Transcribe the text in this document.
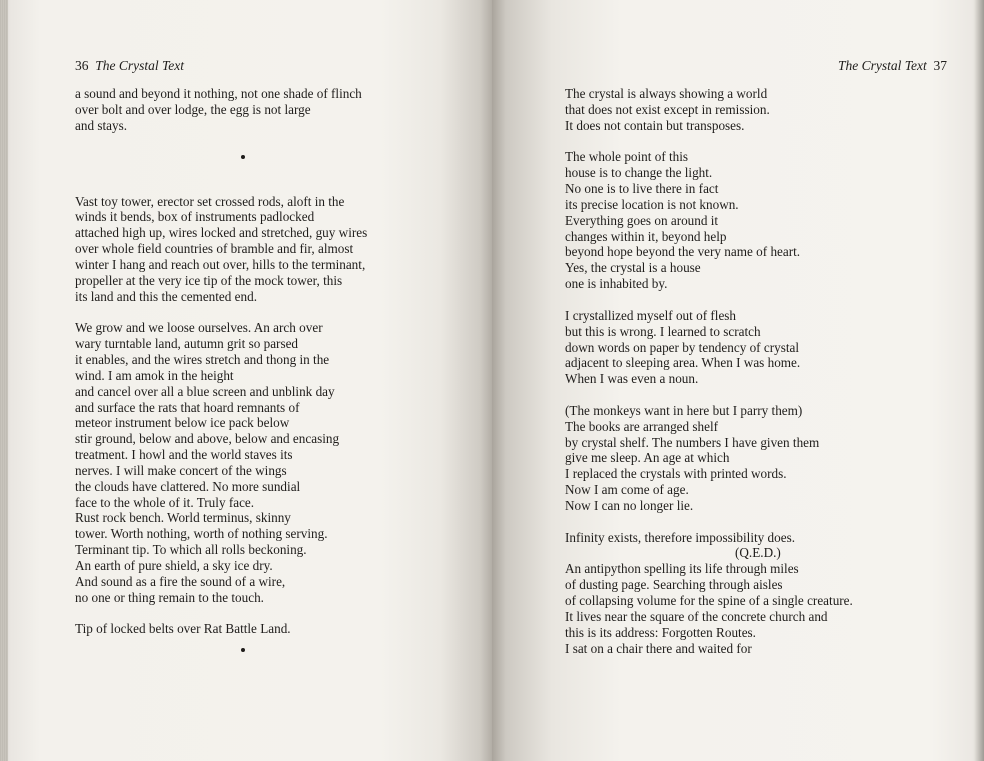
36 The Crystal Text
a sound and beyond it nothing, not one shade of flinch
over bolt and over lodge, the egg is not large
and stays.
Vast toy tower, erector set crossed rods, aloft in the
winds it bends, box of instruments padlocked
attached high up, wires locked and stretched, guy wires
over whole field countries of bramble and fir, almost
winter I hang and reach out over, hills to the terminant,
propeller at the very ice tip of the mock tower, this
its land and this the cemented end.
We grow and we loose ourselves. An arch over
wary turntable land, autumn grit so parsed
it enables, and the wires stretch and thong in the
wind. I am amok in the height
and cancel over all a blue screen and unblink day
and surface the rats that hoard remnants of
meteor instrument below ice pack below
stir ground, below and above, below and encasing
treatment. I howl and the world staves its
nerves. I will make concert of the wings
the clouds have clattered. No more sundial
face to the whole of it. Truly face.
Rust rock bench. World terminus, skinny
tower. Worth nothing, worth of nothing serving.
Terminant tip. To which all rolls beckoning.
An earth of pure shield, a sky ice dry.
And sound as a fire the sound of a wire,
no one or thing remain to the touch.
Tip of locked belts over Rat Battle Land.
The Crystal Text 37
The crystal is always showing a world
that does not exist except in remission.
It does not contain but transposes.
The whole point of this
house is to change the light.
No one is to live there in fact
its precise location is not known.
Everything goes on around it
changes within it, beyond help
beyond hope beyond the very name of heart.
Yes, the crystal is a house
one is inhabited by.
I crystallized myself out of flesh
but this is wrong. I learned to scratch
down words on paper by tendency of crystal
adjacent to sleeping area. When I was home.
When I was even a noun.
(The monkeys want in here but I parry them)
The books are arranged shelf
by crystal shelf. The numbers I have given them
give me sleep. An age at which
I replaced the crystals with printed words.
Now I am come of age.
Now I can no longer lie.
Infinity exists, therefore impossibility does.
(Q.E.D.)
An antipython spelling its life through miles
of dusting page. Searching through aisles
of collapsing volume for the spine of a single creature.
It lives near the square of the concrete church and
this is its address: Forgotten Routes.
I sat on a chair there and waited for
